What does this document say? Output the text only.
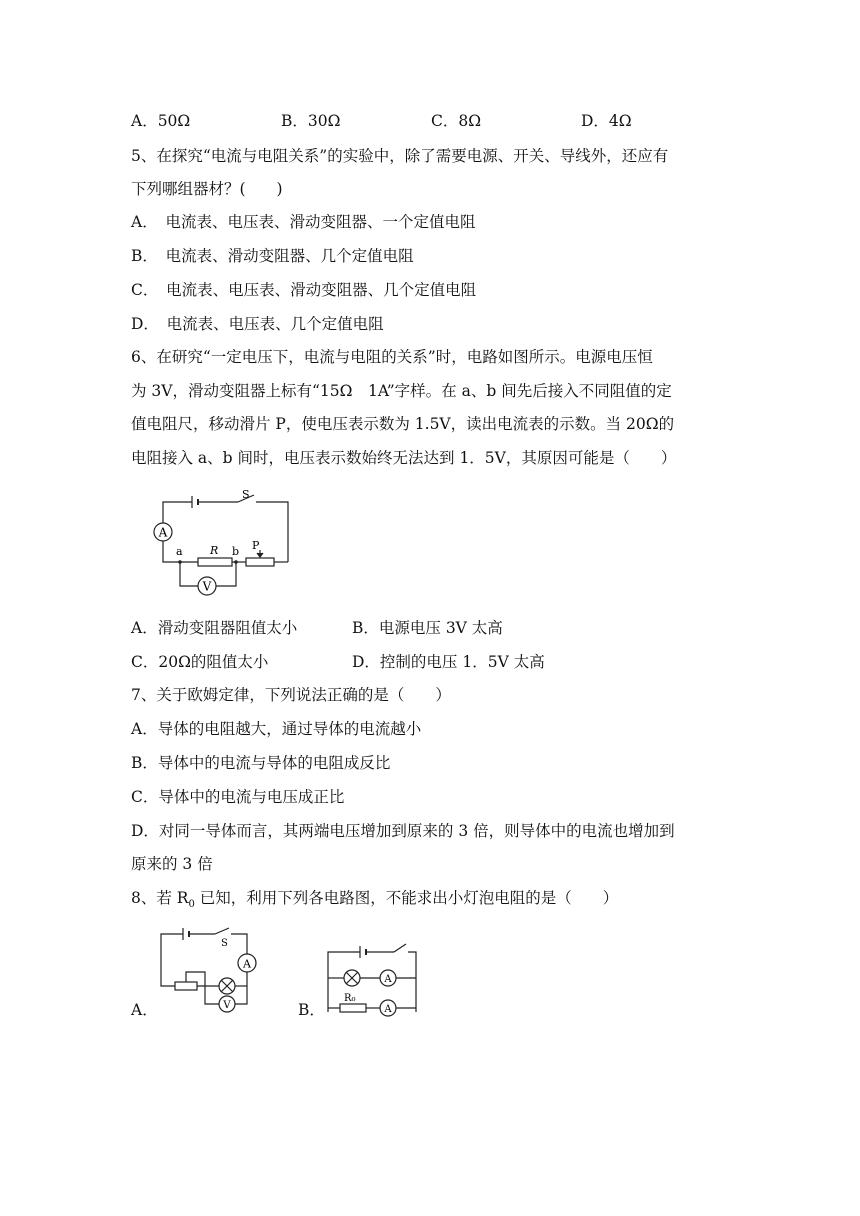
A．50Ω	B．30Ω	C．8Ω	D．4Ω
5、在探究“电流与电阻关系”的实验中，除了需要电源、开关、导线外，还应有
下列哪组器材？(　　)
A．　电流表、电压表、滑动变阻器、一个定值电阻
B．　电流表、滑动变阻器、几个定值电阻
C．　电流表、电压表、滑动变阻器、几个定值电阻
D．　电流表、电压表、几个定值电阻
6、在研究“一定电压下，电流与电阻的关系”时，电路如图所示。电源电压恒
为 3V，滑动变阻器上标有“15Ω　1A”字样。在 a、b 间先后接入不同阻值的定
值电阻尺，移动滑片 P，使电压表示数为 1.5V，读出电流表的示数。当 20Ω的
电阻接入 a、b 间时，电压表示数始终无法达到 1．5V，其原因可能是（　　）
A
V
S
R
a	b P
A．滑动变阻器阻值太小	B．电源电压 3V 太高
C．20Ω的阻值太小	D．控制的电压 1．5V 太高
7、关于欧姆定律，下列说法正确的是（　　）
A．导体的电阻越大，通过导体的电流越小
B．导体中的电流与导体的电阻成反比
C．导体中的电流与电压成正比
D．对同一导体而言，其两端电压增加到原来的 3 倍，则导体中的电流也增加到
原来的 3 倍
8、若 $R_0$ 已知，利用下列各电路图，不能求出小灯泡电阻的是（　　）
A．
A
V
S
B．
A
A
R₀
